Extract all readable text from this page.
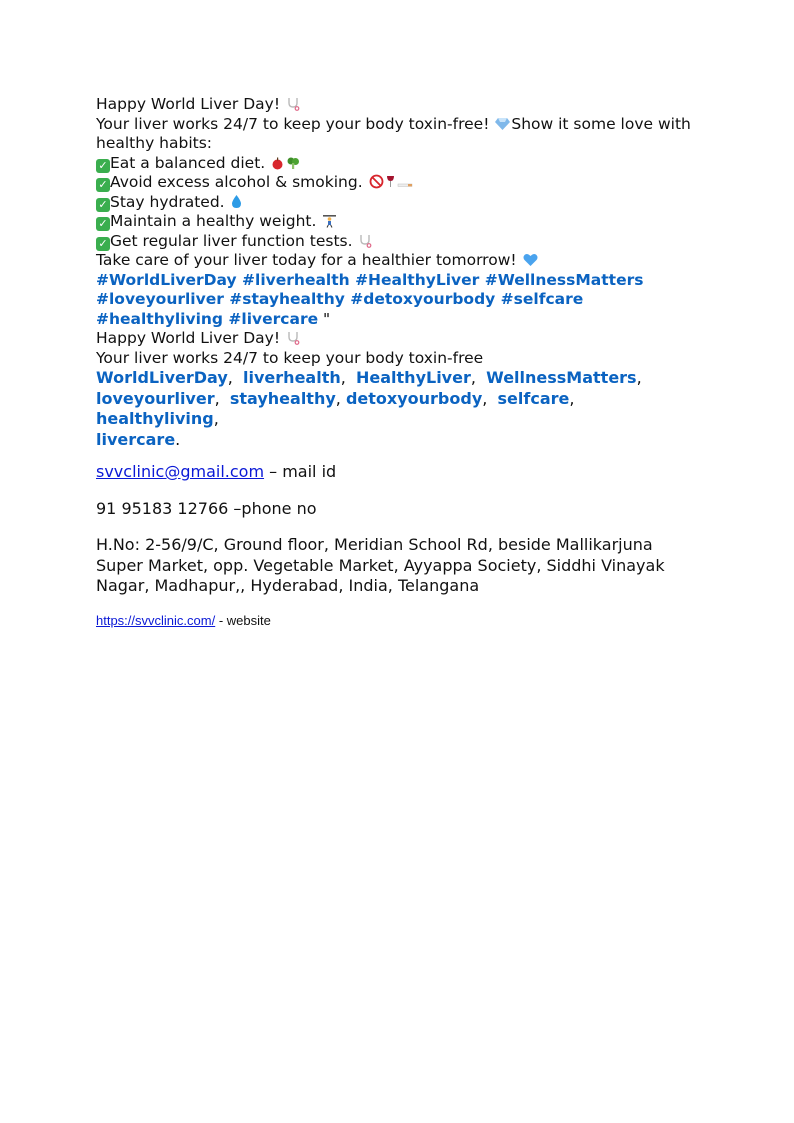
Happy World Liver Day!

Your liver works 24/7 to keep your body toxin-free! Show it some love with healthy habits:

✓ Eat a balanced diet.

✓ Avoid excess alcohol & smoking.

✓ Stay hydrated.

✓ Maintain a healthy weight.

✓ Get regular liver function tests.

Take care of your liver today for a healthier tomorrow!

#WorldLiverDay #liverhealth #HealthyLiver #WellnessMatters

#loveyourliver #stayhealthy #detoxyourbody #selfcare

#healthyliving #livercare "

Happy World Liver Day!

Your liver works 24/7 to keep your body toxin-free

WorldLiverDay,  liverhealth,  HealthyLiver,  WellnessMatters,
loveyourliver,  stayhealthy, detoxyourbody,  selfcare,  healthyliving,
livercare.

svvclinic@gmail.com – mail id

91 95183 12766 –phone no

H.No: 2-56/9/C, Ground floor, Meridian School Rd, beside Mallikarjuna Super Market, opp. Vegetable Market, Ayyappa Society, Siddhi Vinayak Nagar, Madhapur,, Hyderabad, India, Telangana

https://svvclinic.com/ - website
